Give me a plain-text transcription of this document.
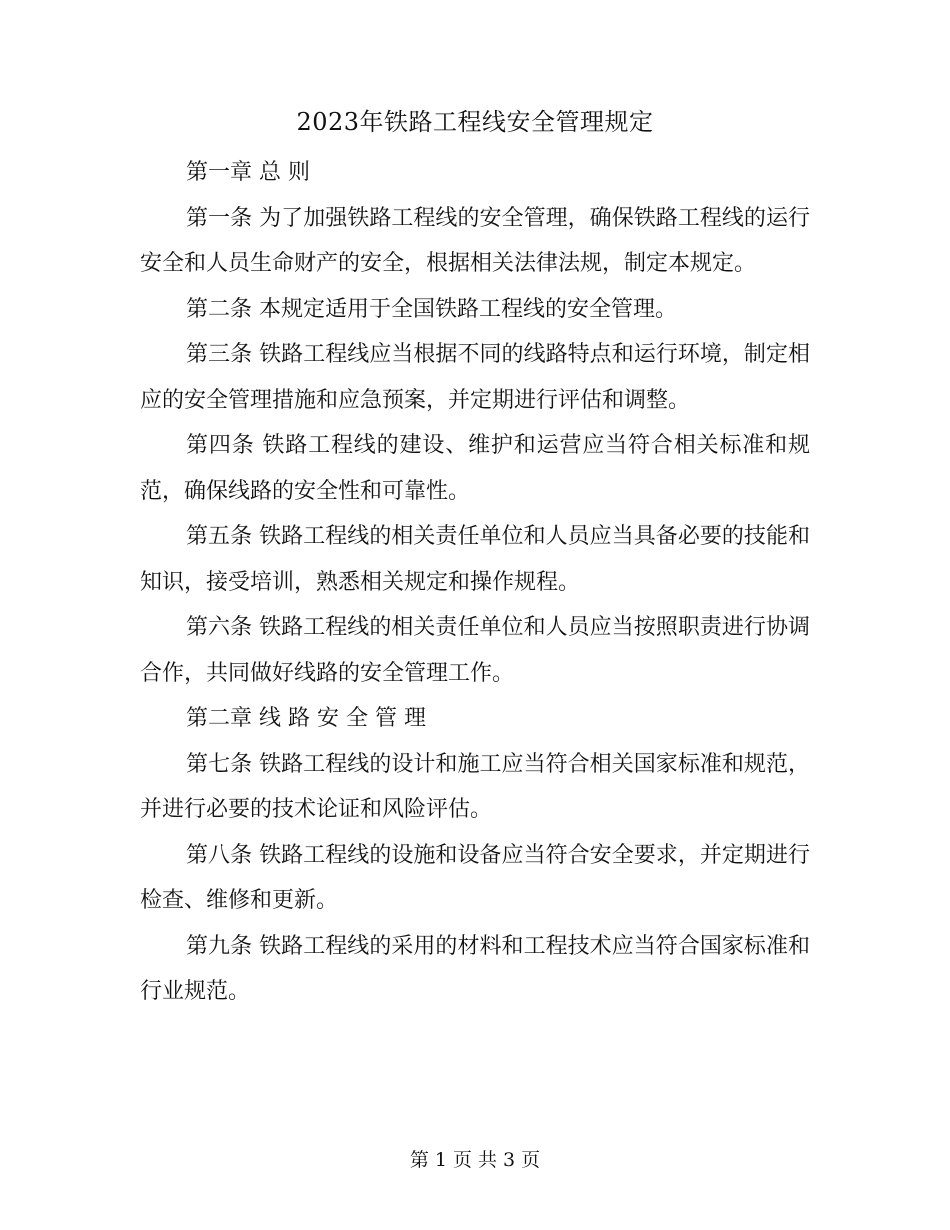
2023年铁路工程线安全管理规定

第一章 总 则

第一条 为了加强铁路工程线的安全管理，确保铁路工程线的运行安全和人员生命财产的安全，根据相关法律法规，制定本规定。

第二条 本规定适用于全国铁路工程线的安全管理。

第三条 铁路工程线应当根据不同的线路特点和运行环境，制定相应的安全管理措施和应急预案，并定期进行评估和调整。

第四条 铁路工程线的建设、维护和运营应当符合相关标准和规范，确保线路的安全性和可靠性。

第五条 铁路工程线的相关责任单位和人员应当具备必要的技能和知识，接受培训，熟悉相关规定和操作规程。

第六条 铁路工程线的相关责任单位和人员应当按照职责进行协调合作，共同做好线路的安全管理工作。

第二章 线 路 安 全 管 理

第七条 铁路工程线的设计和施工应当符合相关国家标准和规范，并进行必要的技术论证和风险评估。

第八条 铁路工程线的设施和设备应当符合安全要求，并定期进行检查、维修和更新。

第九条 铁路工程线的采用的材料和工程技术应当符合国家标准和行业规范。

第 1 页 共 3 页
